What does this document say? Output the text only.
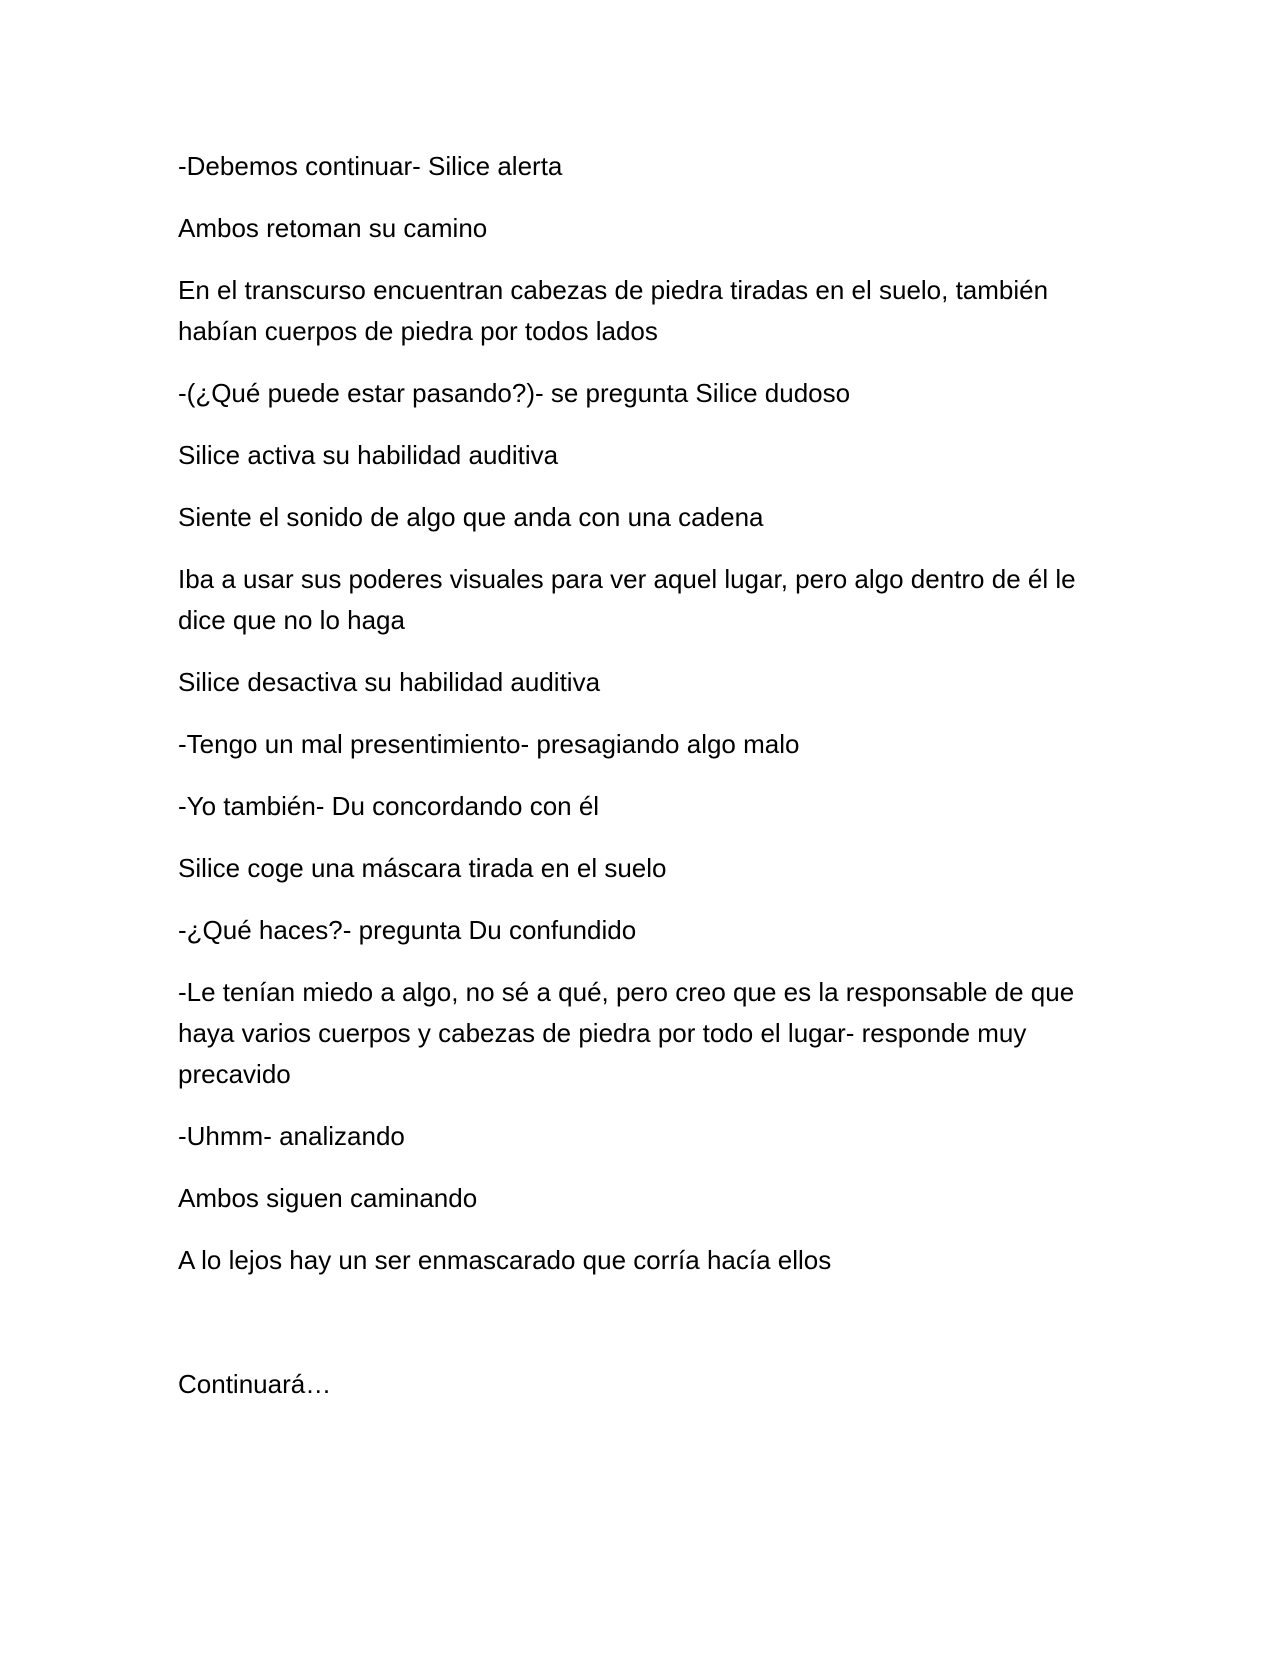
-Debemos continuar- Silice alerta

Ambos retoman su camino

En el transcurso encuentran cabezas de piedra tiradas en el suelo, también habían cuerpos de piedra por todos lados

-(¿Qué puede estar pasando?)- se pregunta Silice dudoso

Silice activa su habilidad auditiva

Siente el sonido de algo que anda con una cadena

Iba a usar sus poderes visuales para ver aquel lugar, pero algo dentro de él le dice que no lo haga

Silice desactiva su habilidad auditiva

-Tengo un mal presentimiento- presagiando algo malo

-Yo también- Du concordando con él

Silice coge una máscara tirada en el suelo

-¿Qué haces?- pregunta Du confundido

-Le tenían miedo a algo, no sé a qué, pero creo que es la responsable de que haya varios cuerpos y cabezas de piedra por todo el lugar- responde muy precavido

-Uhmm- analizando

Ambos siguen caminando

A lo lejos hay un ser enmascarado que corría hacía ellos

Continuará…
